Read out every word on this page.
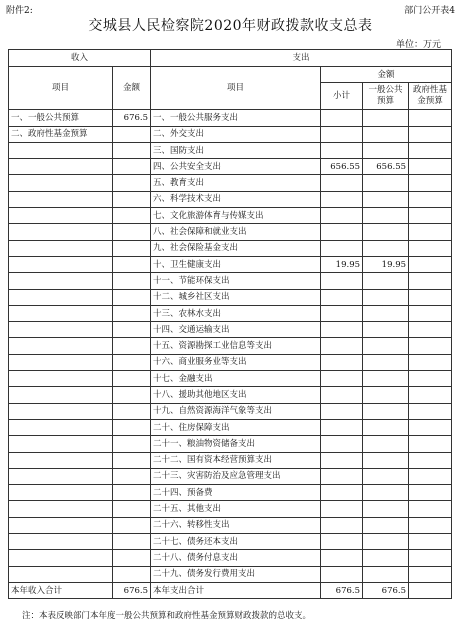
附件2:	部门公开表4
交城县人民检察院2020年财政拨款收支总表
单位：万元
收入		支出			
项目	金额	项目	金额		
			小计	一般公共预算	政府性基金预算
一、一般公共预算	676.5	一、一般公共服务支出			
二、政府性基金预算		二、外交支出			
		三、国防支出			
		四、公共安全支出	656.55	656.55	
		五、教育支出			
		六、科学技术支出			
		七、文化旅游体育与传媒支出			
		八、社会保障和就业支出			
		九、社会保险基金支出			
		十、卫生健康支出	19.95	19.95	
		十一、节能环保支出			
		十二、城乡社区支出			
		十三、农林水支出			
		十四、交通运输支出			
		十五、资源勘探工业信息等支出			
		十六、商业服务业等支出			
		十七、金融支出			
		十八、援助其他地区支出			
		十九、自然资源海洋气象等支出			
		二十、住房保障支出			
		二十一、粮油物资储备支出			
		二十二、国有资本经营预算支出			
		二十三、灾害防治及应急管理支出			
		二十四、预备费			
		二十五、其他支出			
		二十六、转移性支出			
		二十七、债务还本支出			
		二十八、债务付息支出			
		二十九、债务发行费用支出			
本年收入合计	676.5	本年支出合计	676.5	676.5	
注：本表反映部门本年度一般公共预算和政府性基金预算财政拨款的总收支。
